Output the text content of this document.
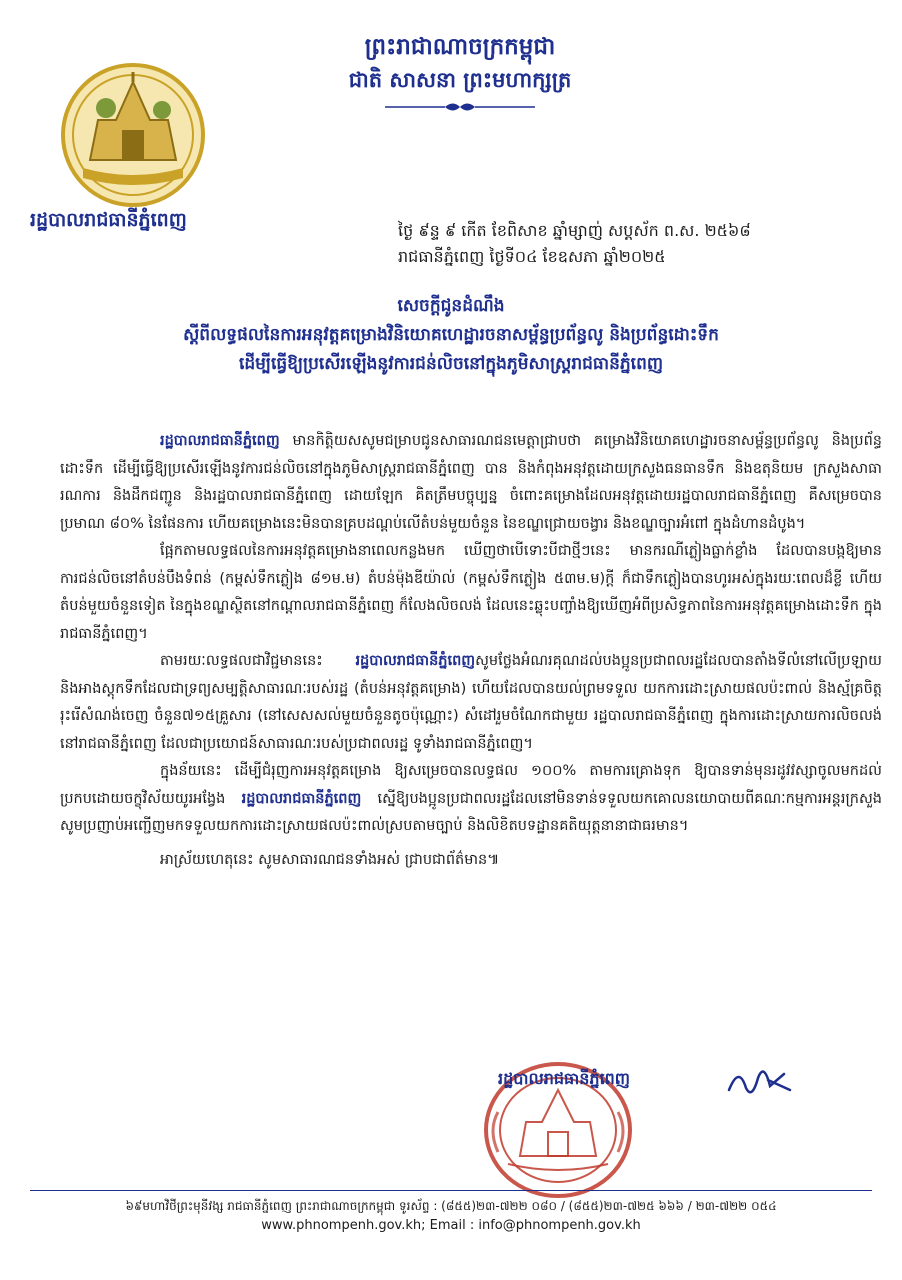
ព្រះរាជាណាចក្រកម្ពុជា
ជាតិ សាសនា ព្រះមហាក្សត្រ
រដ្ឋបាលរាជធានីភ្នំពេញ	ថ្ងៃ ៩ន្ទ ៩ កើត ខែពិសាខ ឆ្នាំម្សាញ់ សប្តស័ក ព.ស. ២៥៦៨
រាជធានីភ្នំពេញ ថ្ងៃទី០៤ ខែឧសភា ឆ្នាំ២០២៥
សេចក្តីជូនដំណឹង
ស្តីពីលទ្ធផលនៃការអនុវត្តគម្រោងវិនិយោគហេដ្ឋារចនាសម្ព័ន្ធប្រព័ន្ធលូ និងប្រព័ន្ធដោះទឹក
ដើម្បីធ្វើឱ្យប្រសើរឡើងនូវការជន់លិចនៅក្នុងភូមិសាស្ត្ររាជធានីភ្នំពេញ

រដ្ឋបាលរាជធានីភ្នំពេញ មានកិត្តិយសសូមជម្រាបជូនសាធារណជនមេត្តាជ្រាបថា គម្រោងវិនិយោគហេដ្ឋារចនាសម្ព័ន្ធប្រព័ន្ធលូ និងប្រព័ន្ធដោះទឹក ដើម្បីធ្វើឱ្យប្រសើរឡើងនូវការជន់លិចនៅក្នុងភូមិសាស្ត្ររាជធានីភ្នំពេញ បាន និងកំពុងអនុវត្តដោយក្រសួងធនធានទឹក និងឧតុនិយម ក្រសួងសាធារណការ និងដឹកជញ្ជូន និងរដ្ឋបាលរាជធានីភ្នំពេញ ដោយឡែក គិតត្រឹមបច្ចុប្បន្ន ចំពោះគម្រោងដែលអនុវត្តដោយរដ្ឋបាលរាជធានីភ្នំពេញ គឺសម្រេចបានប្រមាណ ៨០% នៃផែនការ ហើយគម្រោងនេះមិនបានគ្របដណ្តប់លើតំបន់មួយចំនួន នៃខណ្ឌជ្រោយចង្វារ និងខណ្ឌច្បារអំពៅ ក្នុងដំហានដំបូង។

ផ្អែកតាមលទ្ធផលនៃការអនុវត្តគម្រោងនាពេលកន្លងមក ឃើញថាបើទោះបីជាថ្មីៗនេះ មានករណីភ្លៀងធ្លាក់ខ្លាំង ដែលបានបង្កឱ្យមានការជន់លិចនៅតំបន់បឹងទំពន់ (កម្ពស់ទឹកភ្លៀង ៨១ម.ម) តំបន់ម៉ុងឌីយ៉ាល់ (កម្ពស់ទឹកភ្លៀង ៥៣ម.ម)ក្តី ក៏ជាទឹកភ្លៀងបានហូរអស់ក្នុងរយៈពេលដ៏ខ្លី ហើយតំបន់មួយចំនួនទៀត នៃក្នុងខណ្ឌស្ថិតនៅកណ្តាលរាជធានីភ្នំពេញ ក៏លែងលិចលង់ ដែលនេះឆ្លុះបញ្ចាំងឱ្យឃើញអំពីប្រសិទ្ធភាពនៃការអនុវត្តគម្រោងដោះទឹក ក្នុងរាជធានីភ្នំពេញ។

តាមរយៈលទ្ធផលជាវិជ្ជមាននេះ រដ្ឋបាលរាជធានីភ្នំពេញសូមថ្លែងអំណរគុណដល់បងប្អូនប្រជាពលរដ្ឋដែលបានតាំងទីលំនៅលើប្រឡាយ និងអាងស្តុកទឹកដែលជាទ្រព្យសម្បត្តិសាធារណៈរបស់រដ្ឋ (តំបន់អនុវត្តគម្រោង) ហើយដែលបានយល់ព្រមទទួល យកការដោះស្រាយផលប៉ះពាល់ និងស្ម័គ្រចិត្តរុះរើសំណង់ចេញ ចំនួន៧១៥គ្រួសារ (នៅសេសសល់មួយចំនួនតូចប៉ុណ្ណោះ) សំដៅរួមចំណែកជាមួយ រដ្ឋបាលរាជធានីភ្នំពេញ ក្នុងការដោះស្រាយការលិចលង់នៅរាជធានីភ្នំពេញ ដែលជាប្រយោជន៍សាធារណៈរបស់ប្រជាពលរដ្ឋ ទូទាំងរាជធានីភ្នំពេញ។

ក្នុងន័យនេះ ដើម្បីជំរុញការអនុវត្តគម្រោង ឱ្យសម្រេចបានលទ្ធផល ១០០% តាមការគ្រោងទុក ឱ្យបានទាន់មុនរដូវវស្សាចូលមកដល់ ប្រកបដោយចក្ខុវិស័យយូរអង្វែង រដ្ឋបាលរាជធានីភ្នំពេញ ស្នើឱ្យបងប្អូនប្រជាពលរដ្ឋដែលនៅមិនទាន់ទទួលយកគោលនយោបាយពីគណៈកម្មការអន្តរក្រសួង សូមប្រញាប់អញ្ជើញមកទទួលយកការដោះស្រាយផលប៉ះពាល់ស្របតាមច្បាប់ និងលិខិតបទដ្ឋានគតិយុត្តនានាជាធរមាន។

អាស្រ័យហេតុនេះ សូមសាធារណជនទាំងអស់ ជ្រាបជាព័ត៌មាន៕

រដ្ឋបាលរាជធានីភ្នំពេញ
៦៩មហាវិថីព្រះមុនីវង្ស រាជធានីភ្នំពេញ ព្រះរាជាណាចក្រកម្ពុជា ទូរស័ព្ទ : (៨៥៥)២៣-៧២២ ០៨០ / (៨៥៥)២៣-៧២៥ ៦៦៦ / ២៣-៧២២ ០៥៤
www.phnompenh.gov.kh; Email : info@phnompenh.gov.kh
